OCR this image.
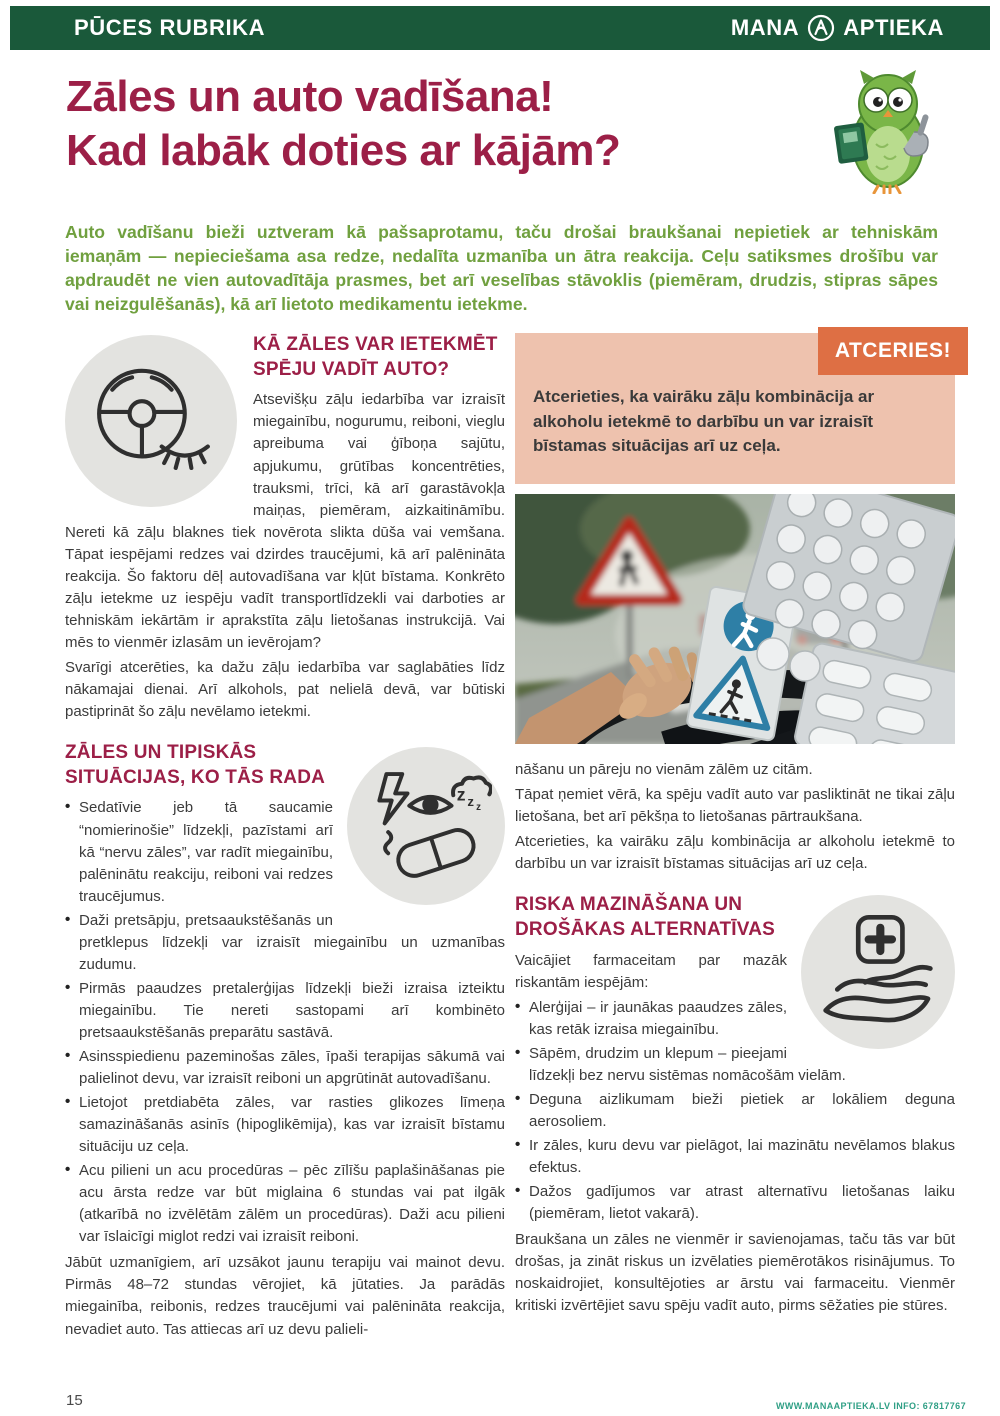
PŪCES RUBRIKA	MANA APTIEKA
Zāles un auto vadīšana!
Kad labāk doties ar kājām?

Auto vadīšanu bieži uztveram kā pašsaprotamu, taču drošai braukšanai nepietiek ar tehniskām iemaņām — nepieciešama asa redze, nedalīta uzmanība un ātra reakcija. Ceļu satiksmes drošību var apdraudēt ne vien autovadītāja prasmes, bet arī veselības stāvoklis (piemēram, drudzis, stipras sāpes vai neizgulēšanās), kā arī lietoto medikamentu ietekme.

KĀ ZĀLES VAR IETEKMĒT SPĒJU VADĪT AUTO?

Atsevišķu zāļu iedarbība var izraisīt miegainību, nogurumu, reiboni, vieglu apreibuma vai ģīboņa sajūtu, apjukumu, grūtības koncentrēties, trauksmi, trīci, kā arī garastāvokļa maiņas, piemēram, aizkaitināmību. Nereti kā zāļu blaknes tiek novērota slikta dūša vai vemšana. Tāpat iespējami redzes vai dzirdes traucējumi, kā arī palēnināta reakcija. Šo faktoru dēļ autovadīšana var kļūt bīstama. Konkrēto zāļu ietekme uz iespēju vadīt transportlīdzekli vai darboties ar tehniskām iekārtām ir aprakstīta zāļu lietošanas instrukcijā. Vai mēs to vienmēr izlasām un ievērojam?

Svarīgi atcerēties, ka dažu zāļu iedarbība var saglabāties līdz nākamajai dienai. Arī alkohols, pat nelielā devā, var būtiski pastiprināt šo zāļu nevēlamo ietekmi.

z z z
ZĀLES UN TIPISKĀS SITUĀCIJAS, KO TĀS RADA
• Sedatīvie jeb tā saucamie “nomierinošie” līdzekļi, pazīstami arī kā “nervu zāles”, var radīt miegainību, palēninātu reakciju, reiboni vai redzes traucējumus.
• Daži pretsāpju, pretsaaukstēšanās un pretklepus līdzekļi var izraisīt miegainību un uzmanības zudumu.
• Pirmās paaudzes pretalerģijas līdzekļi bieži izraisa izteiktu miegainību. Tie nereti sastopami arī kombinēto pretsaaukstēšanās preparātu sastāvā.
• Asinsspiedienu pazeminošas zāles, īpaši terapijas sākumā vai palielinot devu, var izraisīt reiboni un apgrūtināt autovadīšanu.
• Lietojot pretdiabēta zāles, var rasties glikozes līmeņa samazināšanās asinīs (hipoglikēmija), kas var izraisīt bīstamu situāciju uz ceļa.
• Acu pilieni un acu procedūras – pēc zīlīšu paplašināšanas pie acu ārsta redze var būt miglaina 6 stundas vai pat ilgāk (atkarībā no izvēlētām zālēm un procedūras). Daži acu pilieni var īslaicīgi miglot redzi vai izraisīt reiboni.

Jābūt uzmanīgiem, arī uzsākot jaunu terapiju vai mainot devu. Pirmās 48–72 stundas vērojiet, kā jūtaties. Ja parādās miegainība, reibonis, redzes traucējumi vai palēnināta reakcija, nevadiet auto. Tas attiecas arī uz devu palieli-

ATCERIES!
Atcerieties, ka vairāku zāļu kombinācija ar alkoholu ietekmē to darbību un var izraisīt bīstamas situācijas arī uz ceļa.

nāšanu un pāreju no vienām zālēm uz citām.

Tāpat ņemiet vērā, ka spēju vadīt auto var pasliktināt ne tikai zāļu lietošana, bet arī pēkšņa to lietošanas pārtraukšana.

Atcerieties, ka vairāku zāļu kombinācija ar alkoholu ietekmē to darbību un var izraisīt bīstamas situācijas arī uz ceļa.

RISKA MAZINĀŠANA UN DROŠĀKAS ALTERNATĪVAS

Vaicājiet farmaceitam par mazāk riskantām iespējām:

• Alerģijai – ir jaunākas paaudzes zāles, kas retāk izraisa miegainību.
• Sāpēm, drudzim un klepum – pieejami līdzekļi bez nervu sistēmas nomācošām vielām.
• Deguna aizlikumam bieži pietiek ar lokāliem deguna aerosoliem.
• Ir zāles, kuru devu var pielāgot, lai mazinātu nevēlamos blakus efektus.
• Dažos gadījumos var atrast alternatīvu lietošanas laiku (piemēram, lietot vakarā).

Braukšana un zāles ne vienmēr ir savienojamas, taču tās var būt drošas, ja zināt riskus un izvēlaties piemērotākos risinājumus. To noskaidrojiet, konsultējoties ar ārstu vai farmaceitu. Vienmēr kritiski izvērtējiet savu spēju vadīt auto, pirms sēžaties pie stūres.

15	WWW.MANAAPTIEKA.LV INFO: 67817767
